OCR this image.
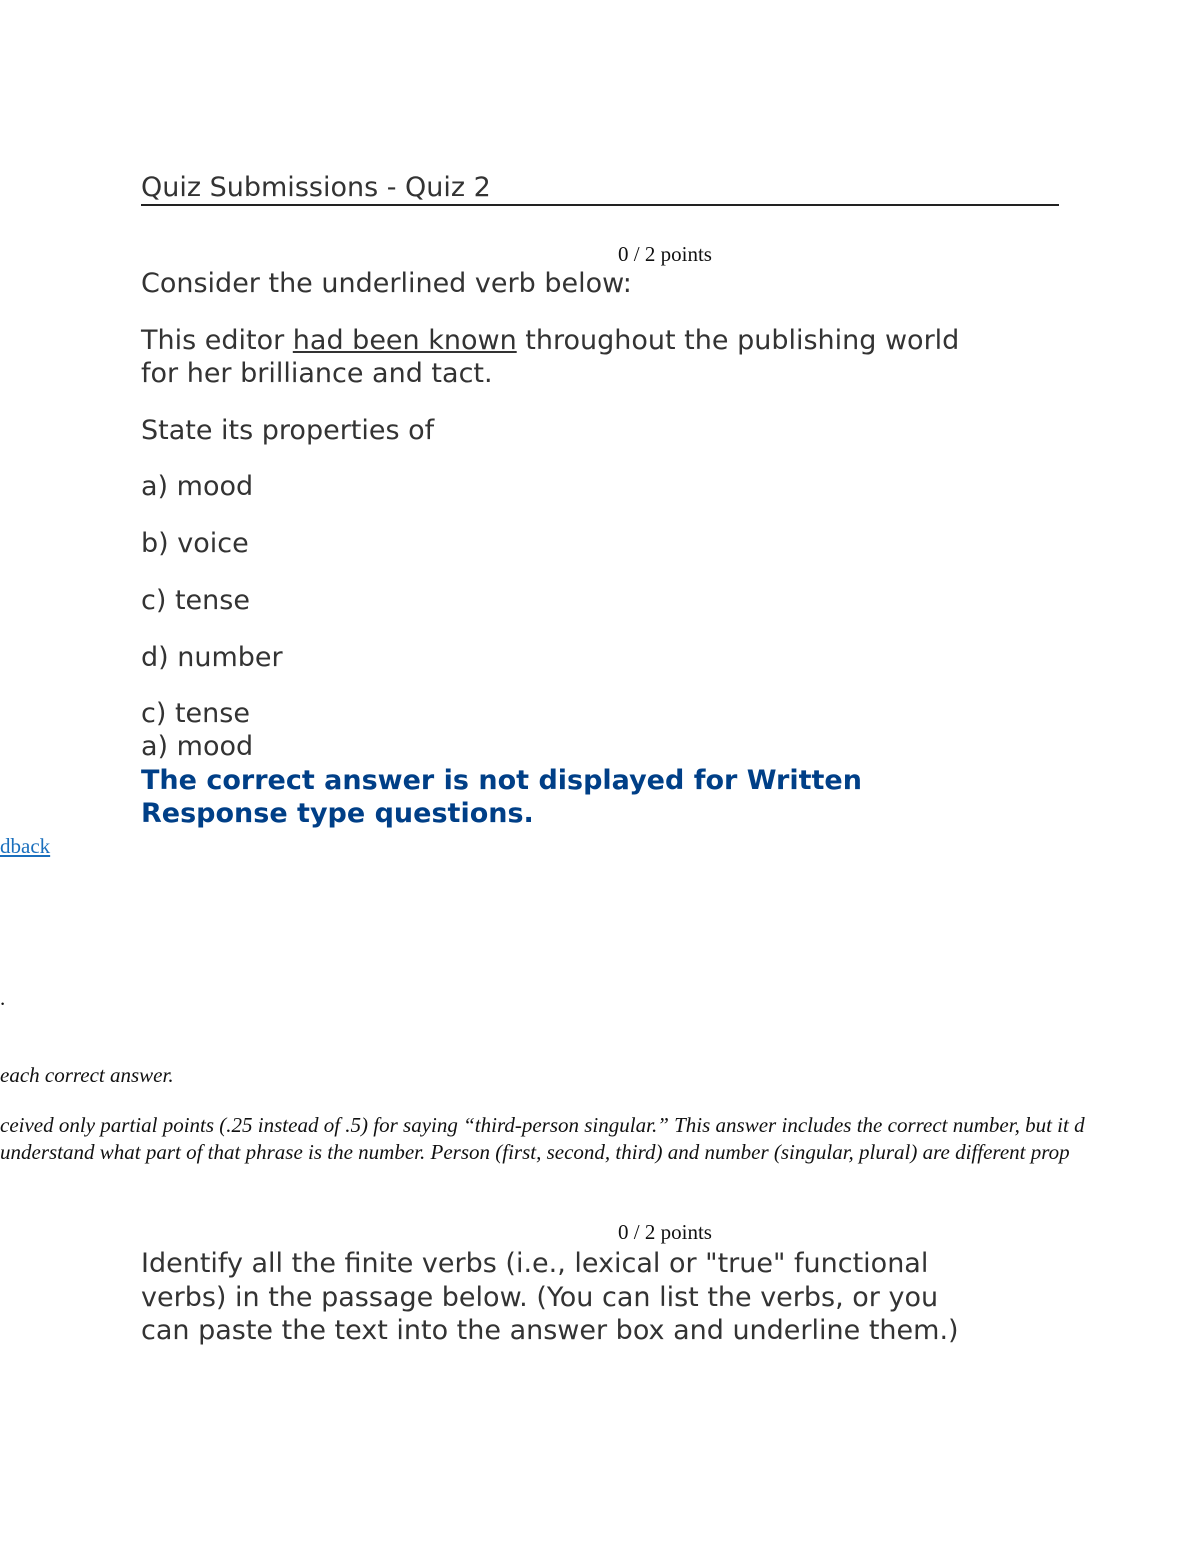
Quiz Submissions - Quiz 2
0 / 2 points

Consider the underlined verb below:

This editor had been known throughout the publishing world

for her brilliance and tact.

State its properties of

a) mood

b) voice

c) tense

d) number

c) tense

a) mood

The correct answer is not displayed for Written

Response type questions.

dback
.
each correct answer.
ceived only partial points (.25 instead of .5) for saying “third-person singular.” This answer includes the correct number, but it d
understand what part of that phrase is the number. Person (first, second, third) and number (singular, plural) are different prop
0 / 2 points

Identify all the finite verbs (i.e., lexical or "true" functional

verbs) in the passage below. (You can list the verbs, or you

can paste the text into the answer box and underline them.)
